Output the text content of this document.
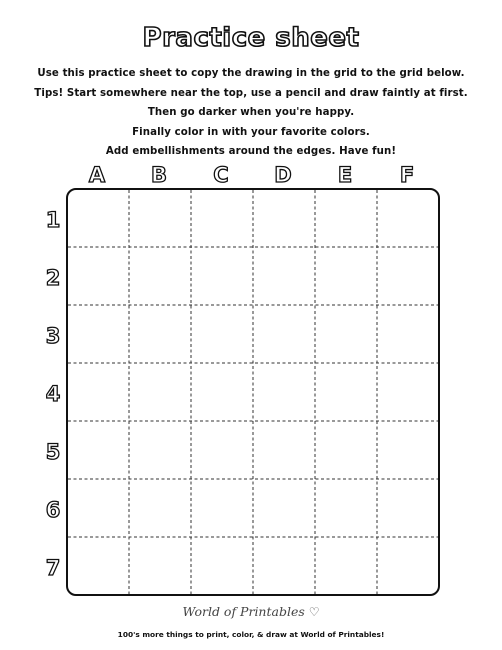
Practice sheet
Use this practice sheet to copy the drawing in the grid to the grid below.
Tips! Start somewhere near the top, use a pencil and draw faintly at first.
Then go darker when you're happy.
Finally color in with your favorite colors.
Add embellishments around the edges. Have fun!
A	B	C	D	E	F
1
2
3
4
5
6
7
World of Printables ♡
100's more things to print, color, & draw at World of Printables!
